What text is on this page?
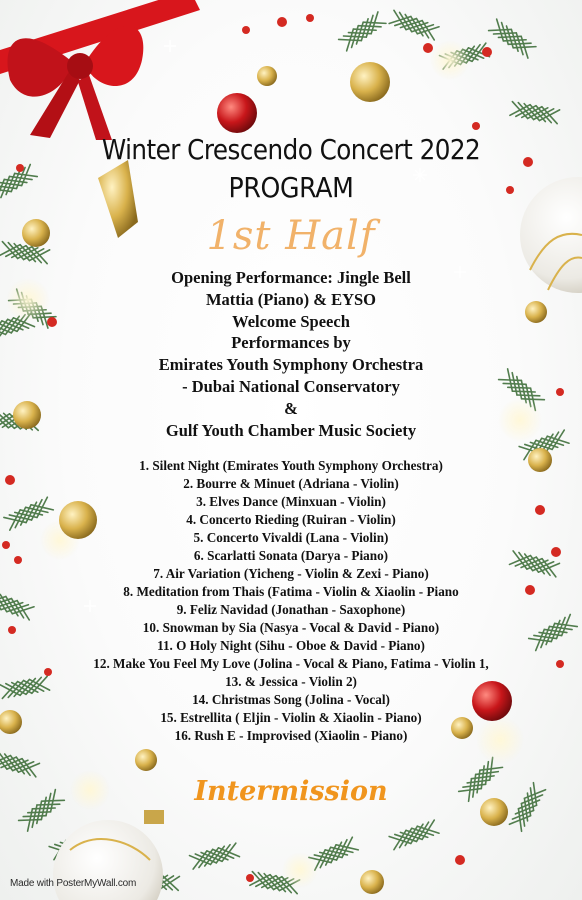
Winter Crescendo Concert 2022
PROGRAM
1st Half
Opening Performance: Jingle Bell
Mattia (Piano) & EYSO
Welcome Speech
Performances by
Emirates Youth Symphony Orchestra
- Dubai National Conservatory
&
Gulf Youth Chamber Music Society
1. Silent Night (Emirates Youth Symphony Orchestra)
2. Bourre & Minuet (Adriana - Violin)
3. Elves Dance (Minxuan - Violin)
4. Concerto Rieding (Ruiran - Violin)
5. Concerto Vivaldi (Lana - Violin)
6. Scarlatti Sonata (Darya - Piano)
7. Air Variation (Yicheng - Violin & Zexi - Piano)
8. Meditation from Thais (Fatima - Violin & Xiaolin - Piano
9. Feliz Navidad (Jonathan - Saxophone)
10. Snowman by Sia (Nasya - Vocal & David - Piano)
11. O Holy Night (Sihu - Oboe & David - Piano)
12. Make You Feel My Love (Jolina - Vocal & Piano, Fatima - Violin 1,
13. & Jessica - Violin 2)
14. Christmas Song (Jolina - Vocal)
15. Estrellita ( Eljin - Violin & Xiaolin - Piano)
16. Rush E - Improvised (Xiaolin - Piano)
Intermission
Made with PosterMyWall.com
